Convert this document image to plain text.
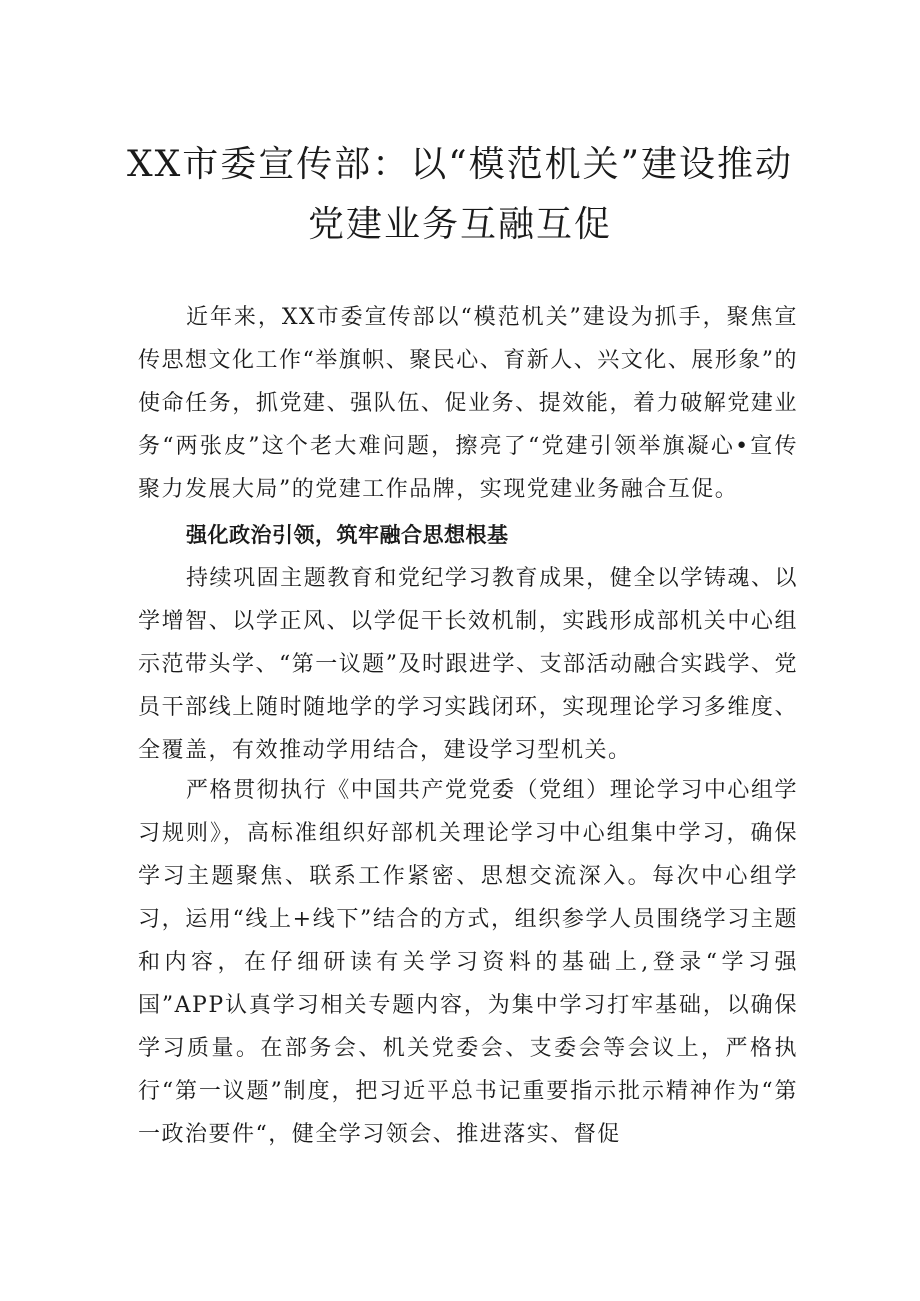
XX市委宣传部：以“模范机关”建设推动
党建业务互融互促

近年来，XX市委宣传部以“模范机关”建设为抓手，聚焦宣传思想文化工作“举旗帜、聚民心、育新人、兴文化、展形象”的使命任务，抓党建、强队伍、促业务、提效能，着力破解党建业务“两张皮”这个老大难问题，擦亮了“党建引领举旗凝心•宣传聚力发展大局”的党建工作品牌，实现党建业务融合互促。

强化政治引领，筑牢融合思想根基

持续巩固主题教育和党纪学习教育成果，健全以学铸魂、以学增智、以学正风、以学促干长效机制，实践形成部机关中心组示范带头学、“第一议题”及时跟进学、支部活动融合实践学、党员干部线上随时随地学的学习实践闭环，实现理论学习多维度、全覆盖，有效推动学用结合，建设学习型机关。

严格贯彻执行《中国共产党党委（党组）理论学习中心组学习规则》，高标准组织好部机关理论学习中心组集中学习，确保学习主题聚焦、联系工作紧密、思想交流深入。每次中心组学习，运用“线上+线下”结合的方式，组织参学人员围绕学习主题和内容，在仔细研读有关学习资料的基础上,登录“学习强国”APP认真学习相关专题内容，为集中学习打牢基础，以确保学习质量。在部务会、机关党委会、支委会等会议上，严格执行“第一议题”制度，把习近平总书记重要指示批示精神作为“第一政治要件“，健全学习领会、推进落实、督促
